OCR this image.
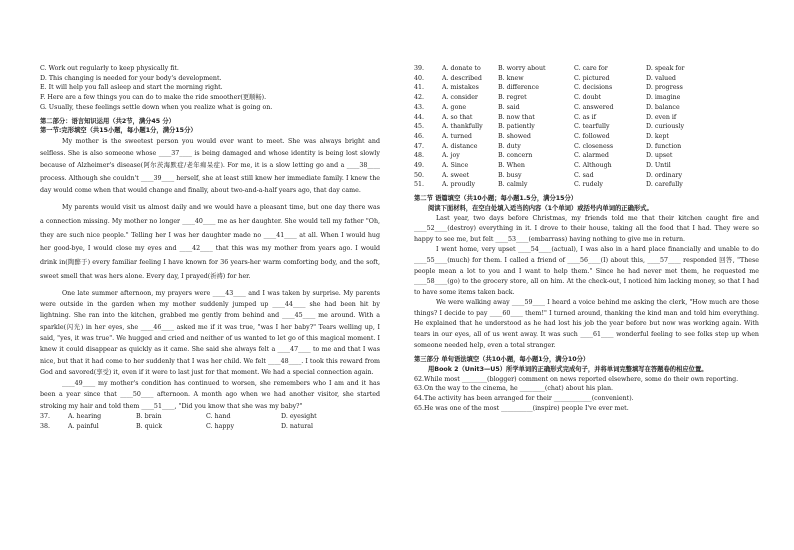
C. Work out regularly to keep physically fit.
D. This changing is needed for your body's development.
E. It will help you fall asleep and start the morning right.
F. Here are a few things you can do to make the ride smoother(更顺畅).
G. Usually, these feelings settle down when you realize what is going on.
第二部分：语言知识运用（共2节，满分45 分）
第一节:完形填空（共15小题，每小题1分，满分15分）
My mother is the sweetest person you would ever want to meet. She was always bright and selfless. She is also someone whose ____37____ is being damaged and whose identity is being lost slowly because of Alzheimer's disease(阿尔茨海默症/老年痴呆症). For me, it is a slow letting go and a ____38____ process. Although she couldn't ____39____ herself, she at least still knew her immediate family. I knew the day would come when that would change and finally, about two-and-a-half years ago, that day came.
My parents would visit us almost daily and we would have a pleasant time, but one day there was a connection missing. My mother no longer ____40____ me as her daughter. She would tell my father "Oh, they are such nice people." Telling her I was her daughter made no ____41____ at all. When I would hug her good-bye, I would close my eyes and ____42____ that this was my mother from years ago. I would drink in(陶醉于) every familiar feeling I have known for 36 years-her warm comforting body, and the soft, sweet smell that was hers alone. Every day, I prayed(祈祷) for her.
One late summer afternoon, my prayers were ____43____ and I was taken by surprise. My parents were outside in the garden when my mother suddenly jumped up ____44____ she had been hit by lightning. She ran into the kitchen, grabbed me gently from behind and ____45____ me around. With a sparkle(闪光) in her eyes, she ____46____ asked me if it was true, "was I her baby?" Tears welling up, I said, "yes, it was true". We hugged and cried and neither of us wanted to let go of this magical moment. I knew it could disappear as quickly as it came. She said she always felt a ____47____ to me and that I was nice, but that it had come to her suddenly that I was her child. We felt ____48____. I took this reward from God and savored(享受) it, even if it were to last just for that moment. We had a special connection again.
____49____ my mother's condition has continued to worsen, she remembers who I am and it has been a year since that ____50____ afternoon. A month ago when we had another visitor, she started stroking my hair and told them ____51____, "Did you know that she was my baby?"
37.	A. hearing	B. brain	C. hand	D. eyesight
38.	A. painful	B. quick	C. happy	D. natural
39.	A. donate to	B. worry about	C. care for	D. speak for
40.	A. described	B. knew	C. pictured	D. valued
41.	A. mistakes	B. difference	C. decisions	D. progress
42.	A. consider	B. regret	C. doubt	D. imagine
43.	A. gone	B. said	C. answered	D. balance
44.	A. so that	B. now that	C. as if	D. even if
45.	A. thankfully	B. patiently	C. tearfully	D. curiously
46.	A. turned	B. showed	C. followed	D. kept
47.	A. distance	B. duty	C. closeness	D. function
48.	A. joy	B. concern	C. alarmed	D. upset
49.	A. Since	B. When	C. Although	D. Until
50.	A. sweet	B. busy	C. sad	D. ordinary
51.	A. proudly	B. calmly	C. rudely	D. carefully
第二节 语篇填空（共10小题；每小题1.5分，满分15分）
阅读下面材料，在空白处填入适当的内容（1个单词）或括号内单词的正确形式。
Last year, two days before Christmas, my friends told me that their kitchen caught fire and ____52____(destroy) everything in it. I drove to their house, taking all the food that I had. They were so happy to see me, but felt ____53____(embarrass) having nothing to give me in return.
I went home, very upset ____54____(actual), I was also in a hard place financially and unable to do ____55____(much) for them. I called a friend of ____56____(I) about this, ____57____ responded 回答, "These people mean a lot to you and I want to help them." Since he had never met them, he requested me ____58____(go) to the grocery store, all on him. At the check-out, I noticed him lacking money, so that I had to have some items taken back.
We were walking away ____59____ I heard a voice behind me asking the clerk, "How much are those things? I decide to pay ____60____ them!" I turned around, thanking the kind man and told him everything. He explained that he understood as he had lost his job the year before but now was working again. With tears in our eyes, all of us went away. It was such ____61____ wonderful feeling to see folks step up when someone needed help, even a total stranger.
第三部分 单句语法填空（共10小题，每小题1分，满分10分）
用Book 2（Unit3—U5）所学单词的正确形式完成句子，并将单词完整填写在答题卷的相应位置。
62.While most ________(blogger) comment on news reported elsewhere, some do their own reporting.
63.On the way to the cinema, he ________(chat) about his plan.
64.The activity has been arranged for their ____________(convenient).
65.He was one of the most __________(inspire) people I've ever met.
